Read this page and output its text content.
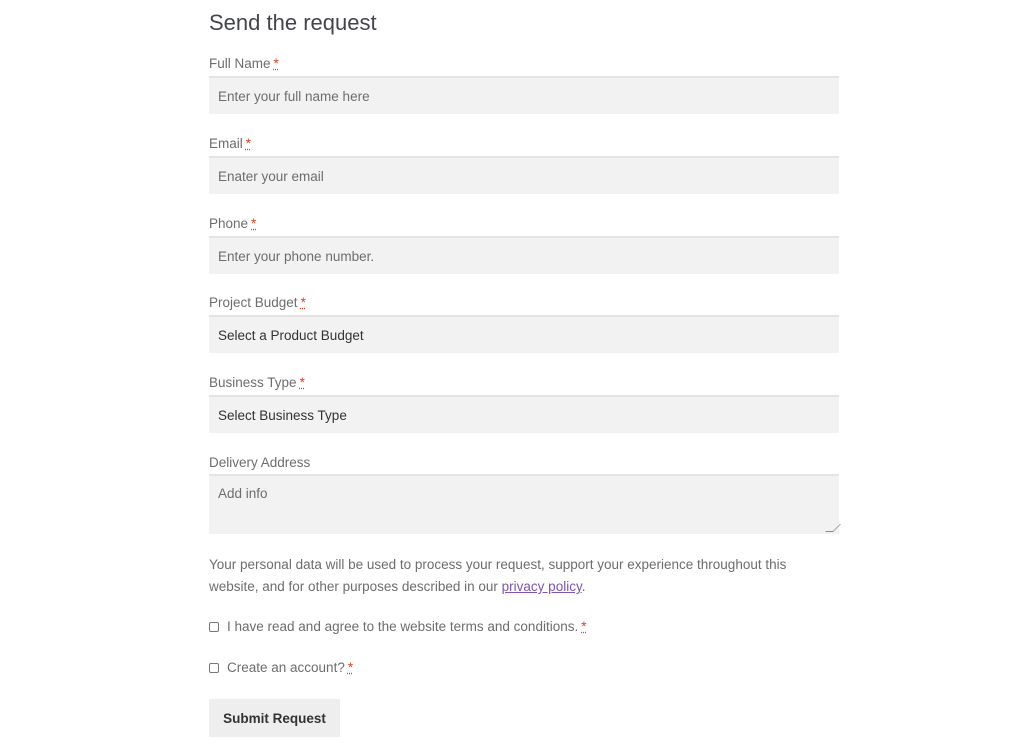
Send the request
Full Name *
Enter your full name here
Email *
Enater your email
Phone *
Enter your phone number.
Project Budget *
Select a Product Budget
Business Type *
Select Business Type
Delivery Address
Add info
Your personal data will be used to process your request, support your experience throughout this website, and for other purposes described in our privacy policy.
I have read and agree to the website terms and conditions. *
Create an account? *
Submit Request
